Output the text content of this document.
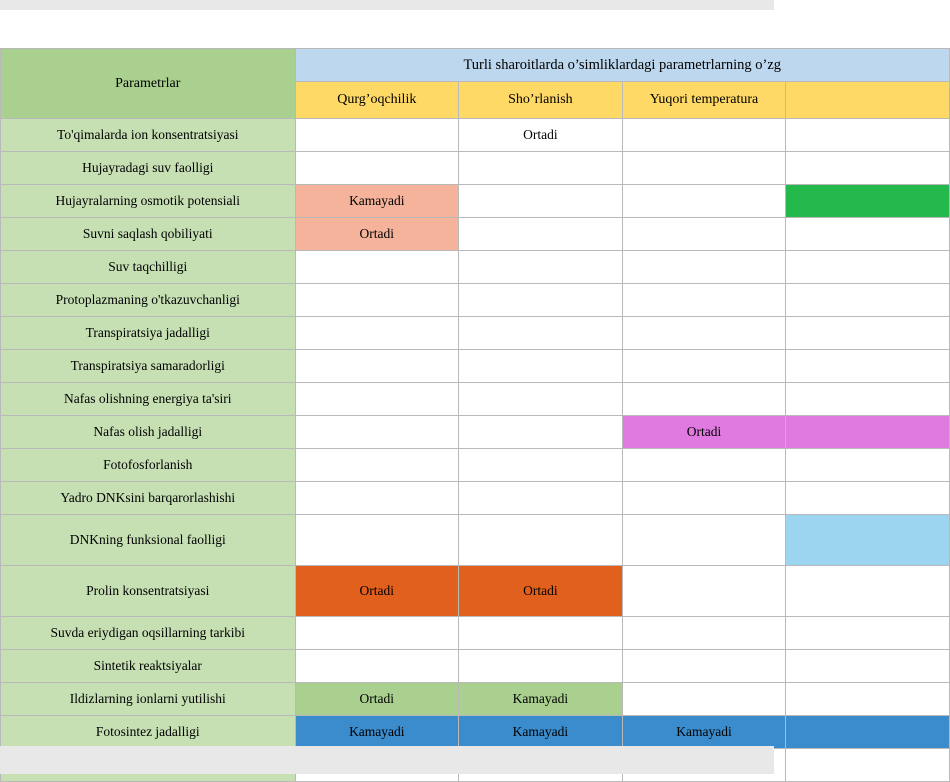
Parametrlar	Turli sharoitlarda o’simliklardagi parametrlarning o’zg			
	Qurg’oqchilik	Sho’rlanish	Yuqori temperatura	
To'qimalarda ion konsentratsiyasi		Ortadi		
Hujayradagi suv faolligi				
Hujayralarning osmotik potensiali	Kamayadi			
Suvni saqlash qobiliyati	Ortadi			
Suv taqchilligi				
Protoplazmaning o'tkazuvchanligi				
Transpiratsiya jadalligi				
Transpiratsiya samaradorligi				
Nafas olishning energiya ta'siri				
Nafas olish jadalligi			Ortadi	
Fotofosforlanish				
Yadro DNKsini barqarorlashishi				
DNKning funksional faolligi				
Prolin konsentratsiyasi	Ortadi	Ortadi		
Suvda eriydigan oqsillarning tarkibi				
Sintetik reaktsiyalar				
Ildizlarning ionlarni yutilishi	Ortadi	Kamayadi		
Fotosintez jadalligi	Kamayadi	Kamayadi	Kamayadi	
